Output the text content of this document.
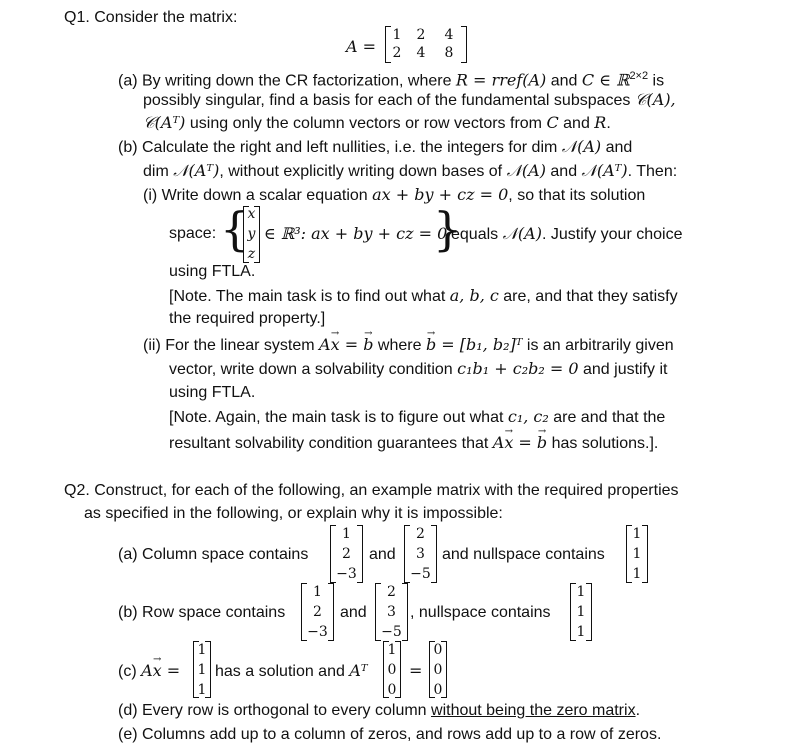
Q1. Consider the matrix:
A =
1	2	4
2	4	8
(a) By writing down the CR factorization, where R = rref(A) and C ∈ ℝ$^{2\times 2}$ is
possibly singular, find a basis for each of the fundamental subspaces 𝒞(A),
𝒞(Aᵀ) using only the column vectors or row vectors from C and R.
(b) Calculate the right and left nullities, i.e. the integers for dim 𝒩(A) and
dim 𝒩(Aᵀ), without explicitly writing down bases of 𝒩(A) and 𝒩(Aᵀ). Then:
(i) Write down a scalar equation ax + by + cz = 0, so that its solution
space: {
x
y
z
∈ ℝ³: ax + by + cz = 0
}
equals 𝒩(A). Justify your choice
using FTLA.
[Note. The main task is to find out what a, b, c are, and that they satisfy
the required property.]
(ii) For the linear system A→ x = → b where → b = [b₁, b₂]ᵀ is an arbitrarily given
vector, write down a solvability condition c₁b₁ + c₂b₂ = 0 and justify it
using FTLA.
[Note. Again, the main task is to figure out what c₁, c₂ are and that the
resultant solvability condition guarantees that A→ x = → b has solutions.].
Q2. Construct, for each of the following, an example matrix with the required properties
as specified in the following, or explain why it is impossible:
(a) Column space contains
1
2
−3
and
2
3
−5
and nullspace contains
1
1
1
(b) Row space contains
1
2
−3
and
2
3
−5
, nullspace contains
1
1
1
(c) A→ x =
1
1
1
has a solution and Aᵀ
1
0
0
=
0
0
0
(d) Every row is orthogonal to every column without being the zero matrix.
(e) Columns add up to a column of zeros, and rows add up to a row of zeros.
